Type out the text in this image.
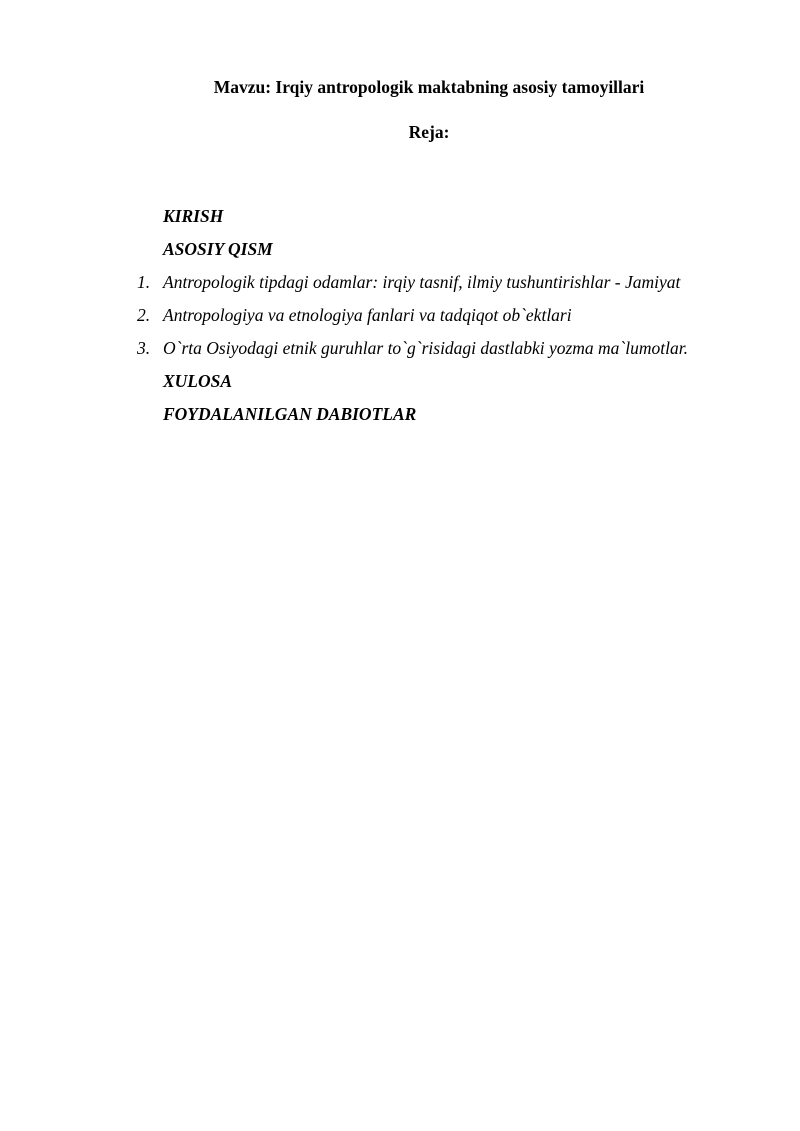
Mavzu: Irqiy antropologik maktabning asosiy tamoyillari
Reja:
KIRISH
ASOSIY QISM
1. Antropologik tipdagi odamlar: irqiy tasnif, ilmiy tushuntirishlar - Jamiyat
2. Antropologiya va etnologiya fanlari va tadqiqot ob`ektlari
3. O`rta Osiyodagi etnik guruhlar to`g`risidagi dastlabki yozma ma`lumotlar.
XULOSA
FOYDALANILGAN DABIOTLAR
